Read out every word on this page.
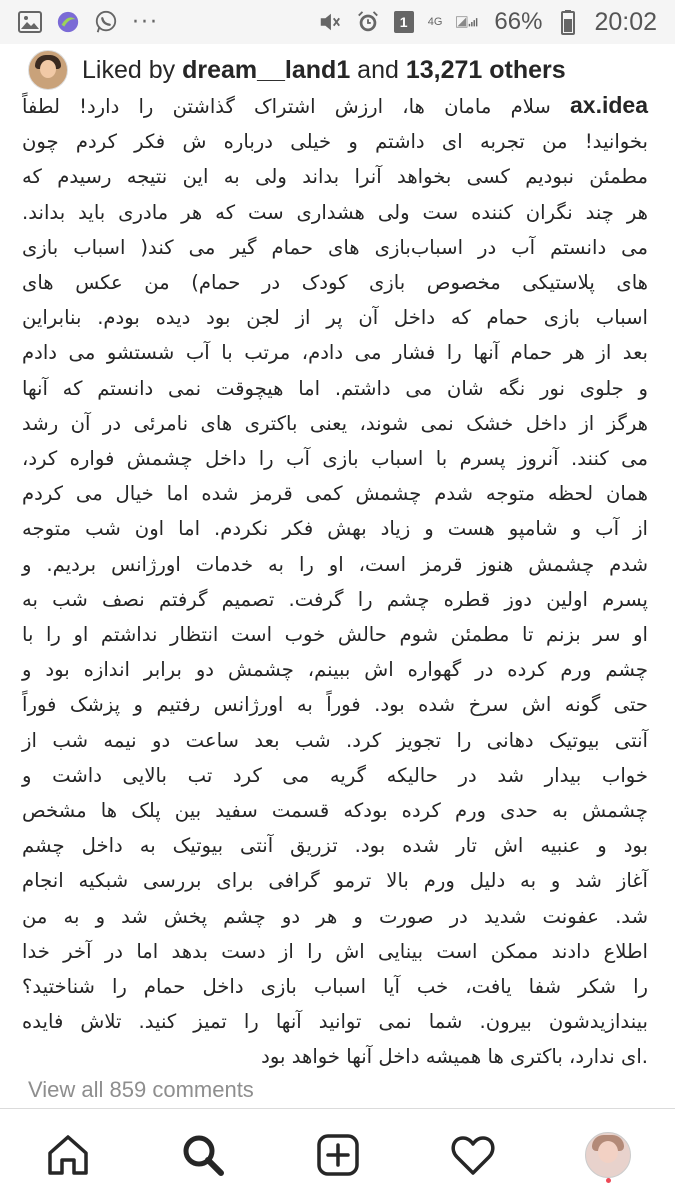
···	1	4G 66% 20:02
Liked by dream__land1 and 13,271 others
ax.idea سلام مامان ها، ارزش اشتراک گذاشتن را دارد! لطفاً
بخوانید! من تجربه ای داشتم و خیلی درباره ش فکر کردم چون
مطمئن نبودیم کسی بخواهد آنرا بداند ولی به این نتیجه رسیدم که
هر چند نگران کننده ست ولی هشداری ست که هر مادری باید بداند.
می دانستم آب در اسباب‌بازی های حمام گیر می کند( اسباب بازی
های پلاستیکی مخصوص بازی کودک در حمام) من عکس های
اسباب بازی حمام که داخل آن پر از لجن بود دیده بودم. بنابراین
بعد از هر حمام آنها را فشار می دادم، مرتب با آب شستشو می دادم
و جلوی نور نگه شان می داشتم. اما هیچوقت نمی دانستم که آنها
هرگز از داخل خشک نمی شوند، یعنی باکتری های نامرئی در آن رشد
می کنند. آنروز پسرم با اسباب بازی آب را داخل چشمش فواره کرد،
همان لحظه متوجه شدم چشمش کمی قرمز شده اما خیال می کردم
از آب و شامپو هست و زیاد بهش فکر نکردم. اما اون شب متوجه
شدم چشمش هنوز قرمز است، او را به خدمات اورژانس بردیم. و
پسرم اولین دوز قطره چشم را گرفت. تصمیم گرفتم نصف شب به
او سر بزنم تا مطمئن شوم حالش خوب است انتظار نداشتم او را با
چشم ورم کرده در گهواره اش ببینم، چشمش دو برابر اندازه بود و
حتی گونه اش سرخ شده بود. فوراً به اورژانس رفتیم و پزشک فوراً
آنتی بیوتیک دهانی را تجویز کرد. شب بعد ساعت دو نیمه شب از
خواب بیدار شد در حالیکه گریه می کرد تب بالایی داشت و
چشمش به حدی ورم کرده بودکه قسمت سفید بین پلک ها مشخص
بود و عنبیه اش تار شده بود. تزریق آنتی بیوتیک به داخل چشم
آغاز شد و به دلیل ورم بالا ترمو گرافی برای بررسی شبکیه انجام
شد. عفونت شدید در صورت و هر دو چشم پخش شد و به من
اطلاع دادند ممکن است بینایی اش را از دست بدهد اما در آخر خدا
را شکر شفا یافت، خب آیا اسباب بازی داخل حمام را شناختید؟
بیندازیدشون بیرون. شما نمی توانید آنها را تمیز کنید. تلاش فایده
.ای ندارد، باکتری ها همیشه داخل آنها خواهد بود
View all 859 comments
